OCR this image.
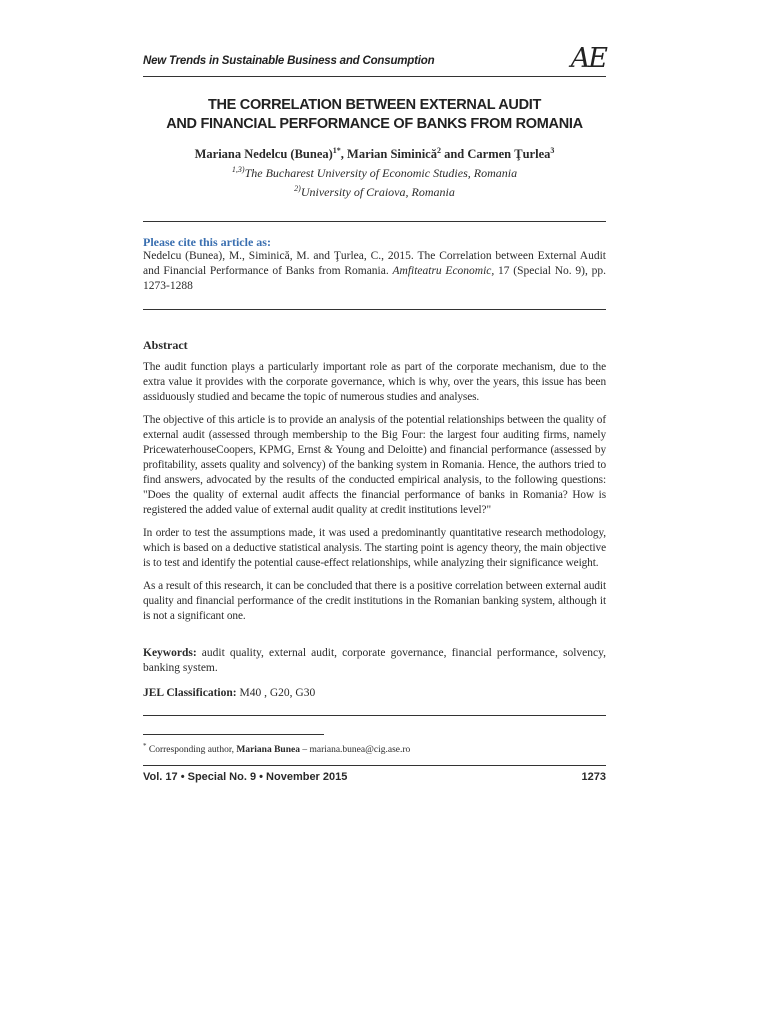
New Trends in Sustainable Business and Consumption	AE
THE CORRELATION BETWEEN EXTERNAL AUDIT
AND FINANCIAL PERFORMANCE OF BANKS FROM ROMANIA
Mariana Nedelcu (Bunea)$^{1*}$, Marian Siminică$^2$ and Carmen Ţurlea$^3$
$^{1,3)}$The Bucharest University of Economic Studies, Romania
$^{2)}$University of Craiova, Romania
Please cite this article as:
Nedelcu (Bunea), M., Siminică, M. and Ţurlea, C., 2015. The Correlation between External Audit and Financial Performance of Banks from Romania. Amfiteatru Economic, 17 (Special No. 9), pp. 1273-1288
Abstract

The audit function plays a particularly important role as part of the corporate mechanism, due to the extra value it provides with the corporate governance, which is why, over the years, this issue has been assiduously studied and became the topic of numerous studies and analyses.

The objective of this article is to provide an analysis of the potential relationships between the quality of external audit (assessed through membership to the Big Four: the largest four auditing firms, namely PricewaterhouseCoopers, KPMG, Ernst & Young and Deloitte) and financial performance (assessed by profitability, assets quality and solvency) of the banking system in Romania. Hence, the authors tried to find answers, advocated by the results of the conducted empirical analysis, to the following questions: "Does the quality of external audit affects the financial performance of banks in Romania? How is registered the added value of external audit quality at credit institutions level?"

In order to test the assumptions made, it was used a predominantly quantitative research methodology, which is based on a deductive statistical analysis. The starting point is agency theory, the main objective is to test and identify the potential cause-effect relationships, while analyzing their significance weight.

As a result of this research, it can be concluded that there is a positive correlation between external audit quality and financial performance of the credit institutions in the Romanian banking system, although it is not a significant one.

Keywords: audit quality, external audit, corporate governance, financial performance, solvency, banking system.
JEL Classification: M40 , G20, G30
* Corresponding author, Mariana Bunea – mariana.bunea@cig.ase.ro
Vol. 17 • Special No. 9 • November 2015	1273
